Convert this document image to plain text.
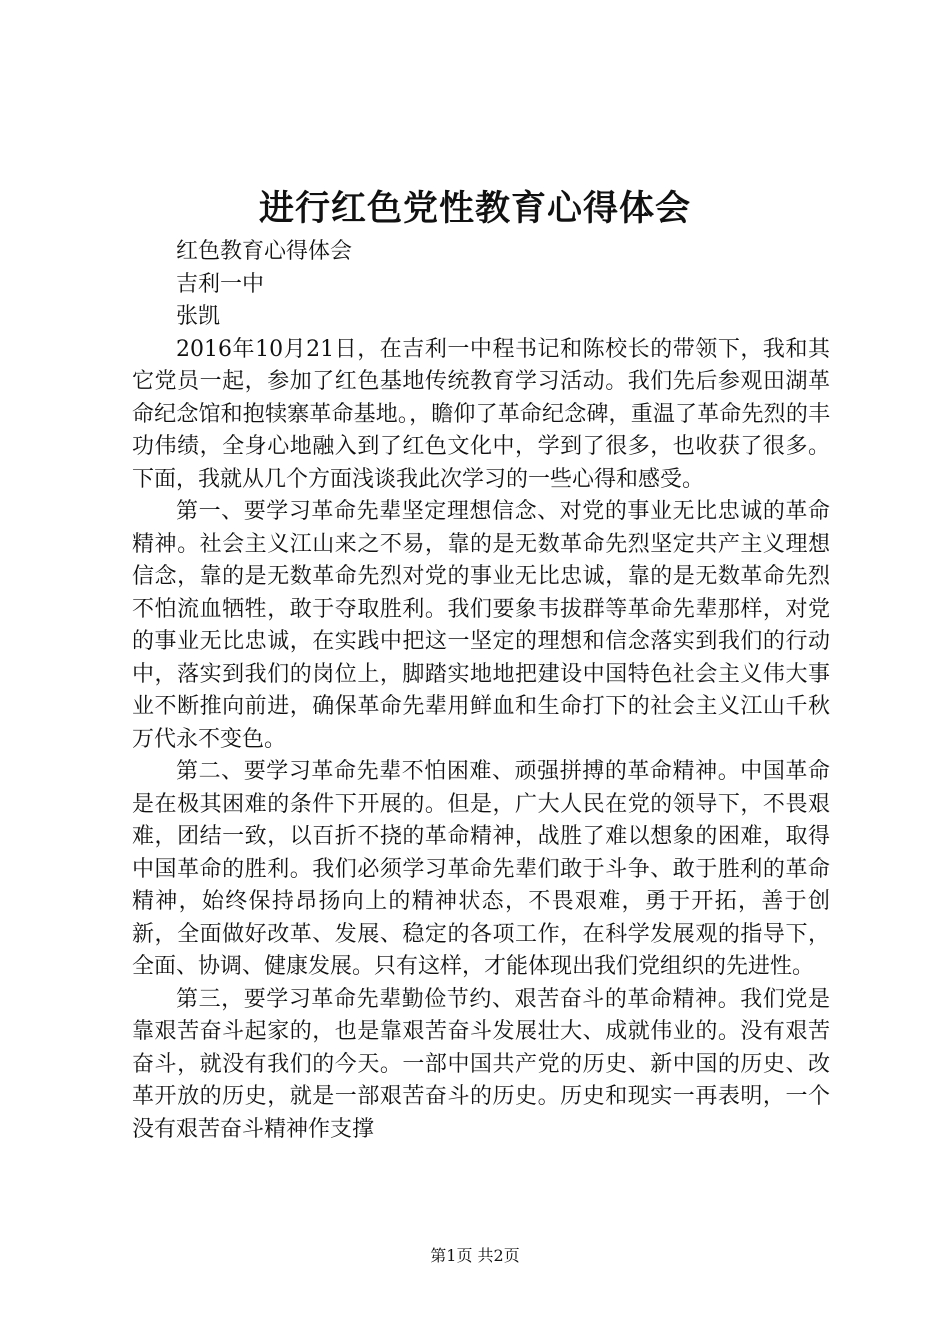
进行红色党性教育心得体会

红色教育心得体会

吉利一中

张凯

2016年10月21日，在吉利一中程书记和陈校长的带领下，我和其它党员一起，参加了红色基地传统教育学习活动。我们先后参观田湖革命纪念馆和抱犊寨革命基地。，瞻仰了革命纪念碑，重温了革命先烈的丰功伟绩，全身心地融入到了红色文化中，学到了很多，也收获了很多。下面，我就从几个方面浅谈我此次学习的一些心得和感受。

第一、要学习革命先辈坚定理想信念、对党的事业无比忠诚的革命精神。社会主义江山来之不易，靠的是无数革命先烈坚定共产主义理想信念，靠的是无数革命先烈对党的事业无比忠诚，靠的是无数革命先烈不怕流血牺牲，敢于夺取胜利。我们要象韦拔群等革命先辈那样，对党的事业无比忠诚，在实践中把这一坚定的理想和信念落实到我们的行动中，落实到我们的岗位上，脚踏实地地把建设中国特色社会主义伟大事业不断推向前进，确保革命先辈用鲜血和生命打下的社会主义江山千秋万代永不变色。

第二、要学习革命先辈不怕困难、顽强拼搏的革命精神。中国革命是在极其困难的条件下开展的。但是，广大人民在党的领导下，不畏艰难，团结一致，以百折不挠的革命精神，战胜了难以想象的困难，取得中国革命的胜利。我们必须学习革命先辈们敢于斗争、敢于胜利的革命精神，始终保持昂扬向上的精神状态，不畏艰难，勇于开拓，善于创新，全面做好改革、发展、稳定的各项工作，在科学发展观的指导下，全面、协调、健康发展。只有这样，才能体现出我们党组织的先进性。

第三，要学习革命先辈勤俭节约、艰苦奋斗的革命精神。我们党是靠艰苦奋斗起家的，也是靠艰苦奋斗发展壮大、成就伟业的。没有艰苦奋斗，就没有我们的今天。一部中国共产党的历史、新中国的历史、改革开放的历史，就是一部艰苦奋斗的历史。历史和现实一再表明，一个没有艰苦奋斗精神作支撑

第1页 共2页
